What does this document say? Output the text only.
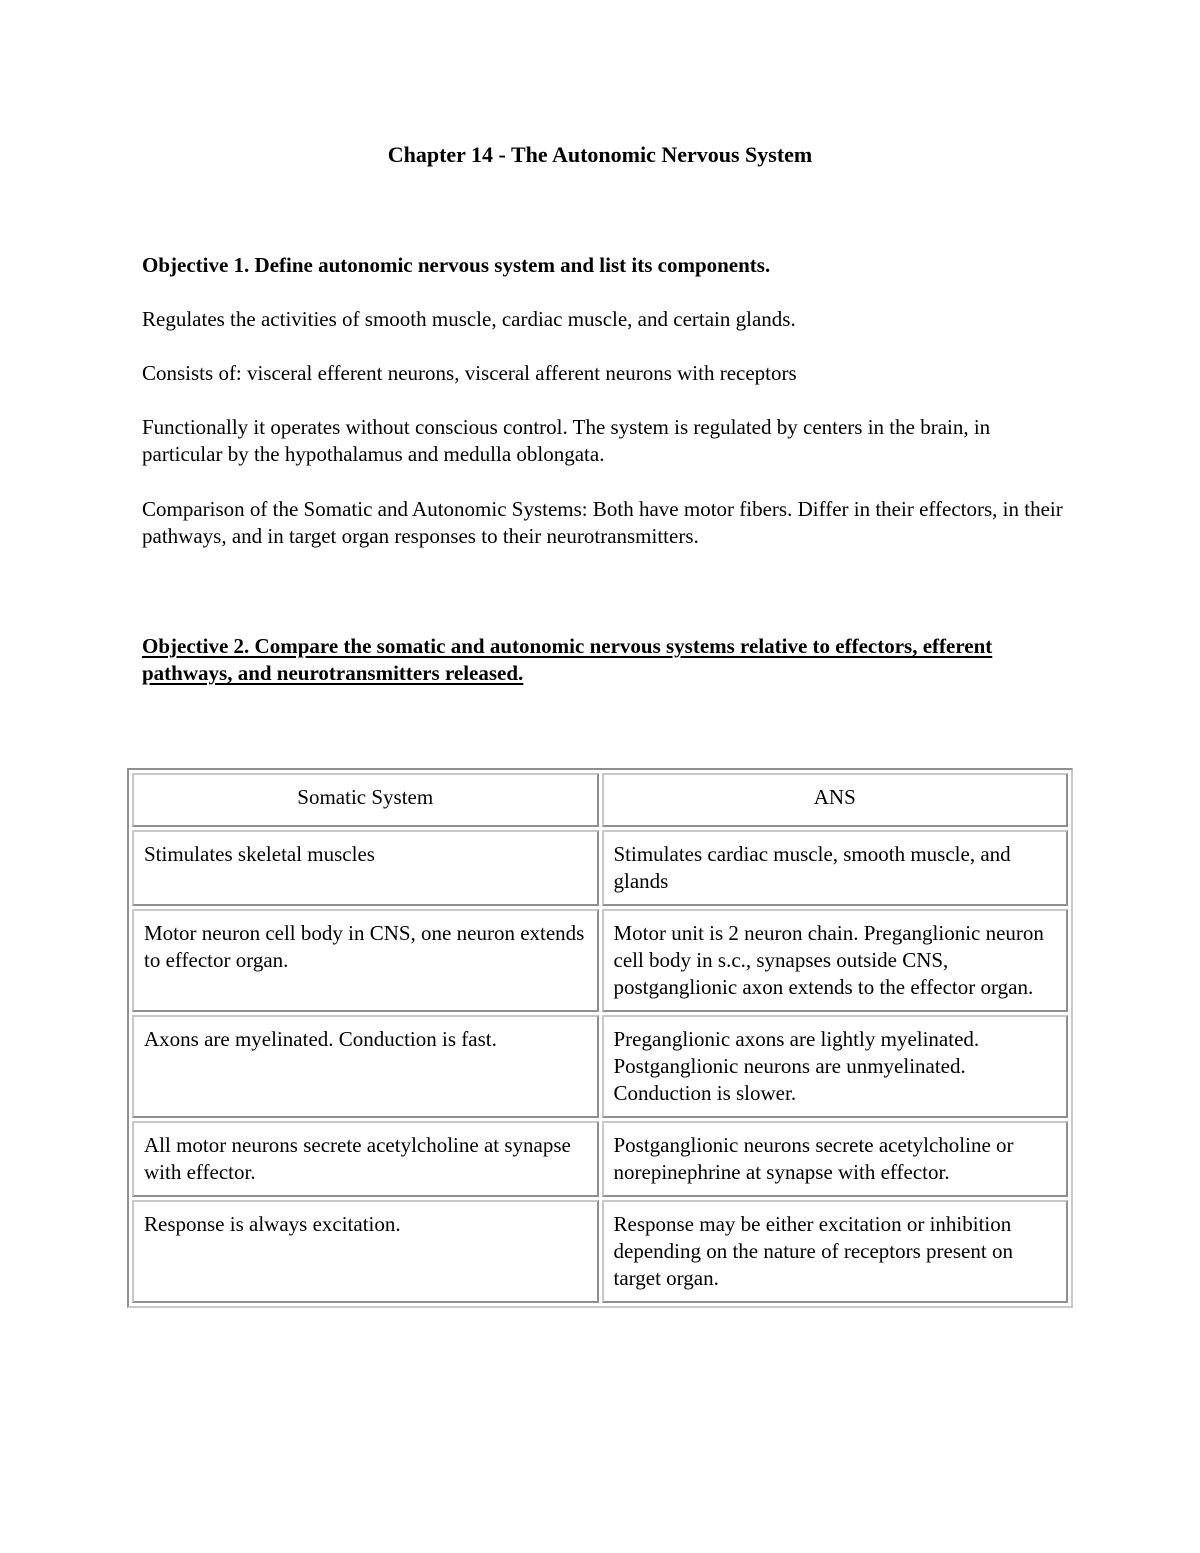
Chapter 14 - The Autonomic Nervous System
Objective 1. Define autonomic nervous system and list its components.
Regulates the activities of smooth muscle, cardiac muscle, and certain glands.
Consists of: visceral efferent neurons, visceral afferent neurons with receptors
Functionally it operates without conscious control. The system is regulated by centers in the brain, in particular by the hypothalamus and medulla oblongata.
Comparison of the Somatic and Autonomic Systems: Both have motor fibers. Differ in their effectors, in their pathways, and in target organ responses to their neurotransmitters.
Objective 2. Compare the somatic and autonomic nervous systems relative to effectors, efferent pathways, and neurotransmitters released.
Somatic System	ANS
Stimulates skeletal muscles	Stimulates cardiac muscle, smooth muscle, and glands
Motor neuron cell body in CNS, one neuron extends to effector organ.	Motor unit is 2 neuron chain. Preganglionic neuron cell body in s.c., synapses outside CNS, postganglionic axon extends to the effector organ.
Axons are myelinated. Conduction is fast.	Preganglionic axons are lightly myelinated. Postganglionic neurons are unmyelinated. Conduction is slower.
All motor neurons secrete acetylcholine at synapse with effector.	Postganglionic neurons secrete acetylcholine or norepinephrine at synapse with effector.
Response is always excitation.	Response may be either excitation or inhibition depending on the nature of receptors present on target organ.
